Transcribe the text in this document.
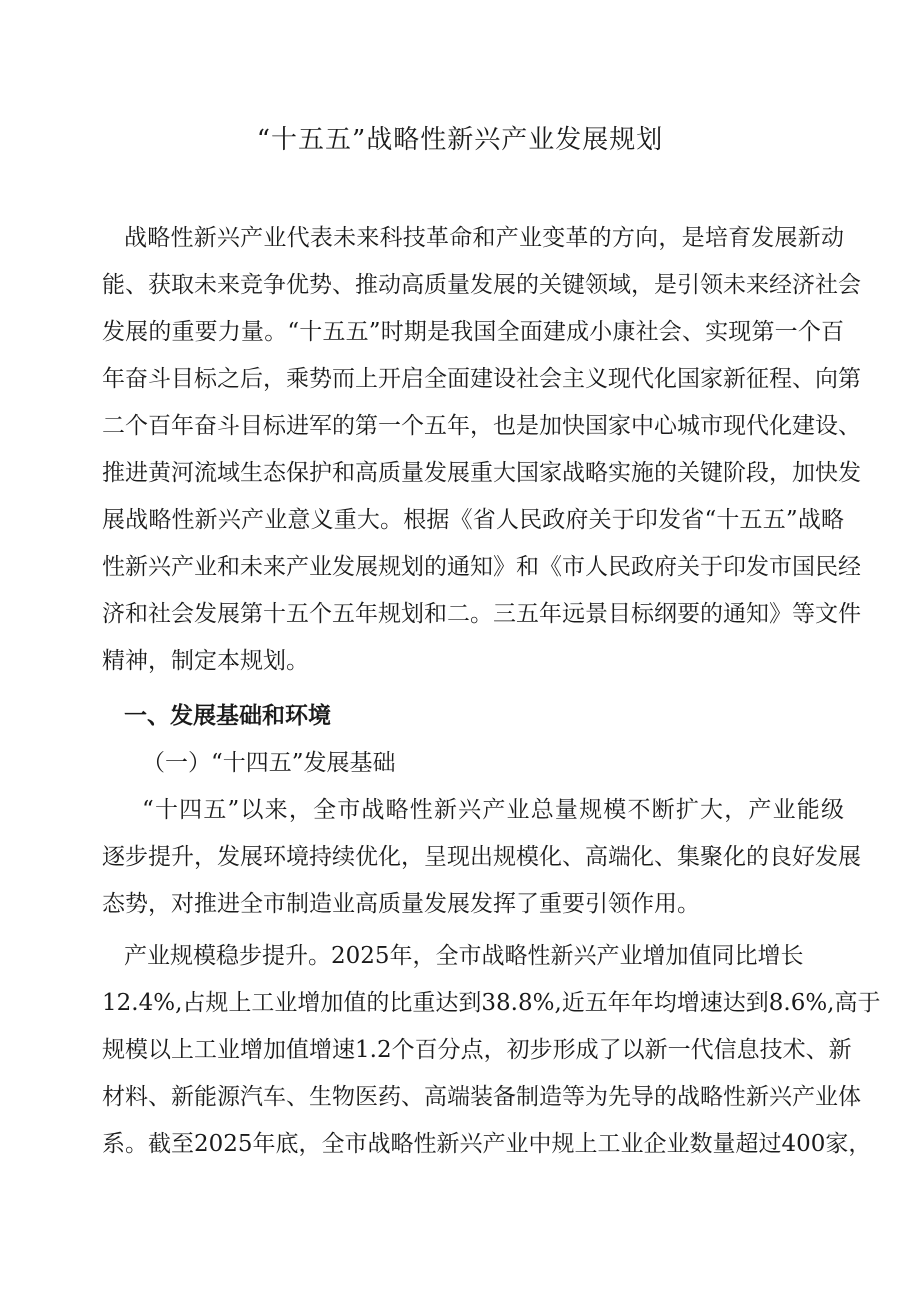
“十五五”战略性新兴产业发展规划
战略性新兴产业代表未来科技革命和产业变革的方向，是培育发展新动
能、获取未来竞争优势、推动高质量发展的关键领域，是引领未来经济社会
发展的重要力量。“十五五”时期是我国全面建成小康社会、实现第一个百
年奋斗目标之后，乘势而上开启全面建设社会主义现代化国家新征程、向第
二个百年奋斗目标进军的第一个五年，也是加快国家中心城市现代化建设、
推进黄河流域生态保护和高质量发展重大国家战略实施的关键阶段，加快发
展战略性新兴产业意义重大。根据《省人民政府关于印发省“十五五”战略
性新兴产业和未来产业发展规划的通知》和《市人民政府关于印发市国民经
济和社会发展第十五个五年规划和二。三五年远景目标纲要的通知》等文件
精神，制定本规划。
一、发展基础和环境
（一）“十四五”发展基础
“十四五”以来，全市战略性新兴产业总量规模不断扩大，产业能级
逐步提升，发展环境持续优化，呈现出规模化、高端化、集聚化的良好发展
态势，对推进全市制造业高质量发展发挥了重要引领作用。
产业规模稳步提升。2025年，全市战略性新兴产业增加值同比增长
12.4%,占规上工业增加值的比重达到38.8%,近五年年均增速达到8.6%,高于
规模以上工业增加值增速1.2个百分点，初步形成了以新一代信息技术、新
材料、新能源汽车、生物医药、高端装备制造等为先导的战略性新兴产业体
系。截至2025年底，全市战略性新兴产业中规上工业企业数量超过400家，
